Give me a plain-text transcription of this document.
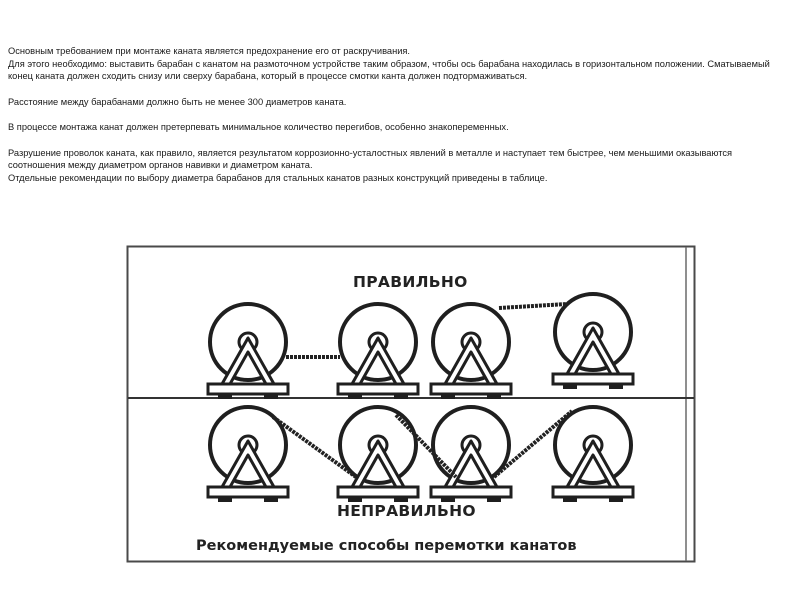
Основным требованием при монтаже каната является предохранение его от раскручивания.

Для этого необходимо: выставить барабан с канатом на размоточном устройстве таким образом, чтобы ось барабана находилась в горизонтальном положении. Сматываемый конец каната должен сходить снизу или сверху барабана, который в процессе смотки канта должен подтормаживаться.

Расстояние между барабанами должно быть не менее 300 диаметров каната.

В процессе монтажа канат должен претерпевать минимальное количество перегибов, особенно знакопеременных.

Разрушение проволок каната, как правило, является результатом коррозионно-усталостных явлений в металле и наступает тем быстрее, чем меньшими оказываются соотношения между диаметром органов навивки и диаметром каната.

Отдельные рекомендации по выбору диаметра барабанов для стальных канатов разных конструкций приведены в таблице.

ПРАВИЛЬНО
НЕПРАВИЛЬНО
Рекомендуемые способы перемотки канатов
